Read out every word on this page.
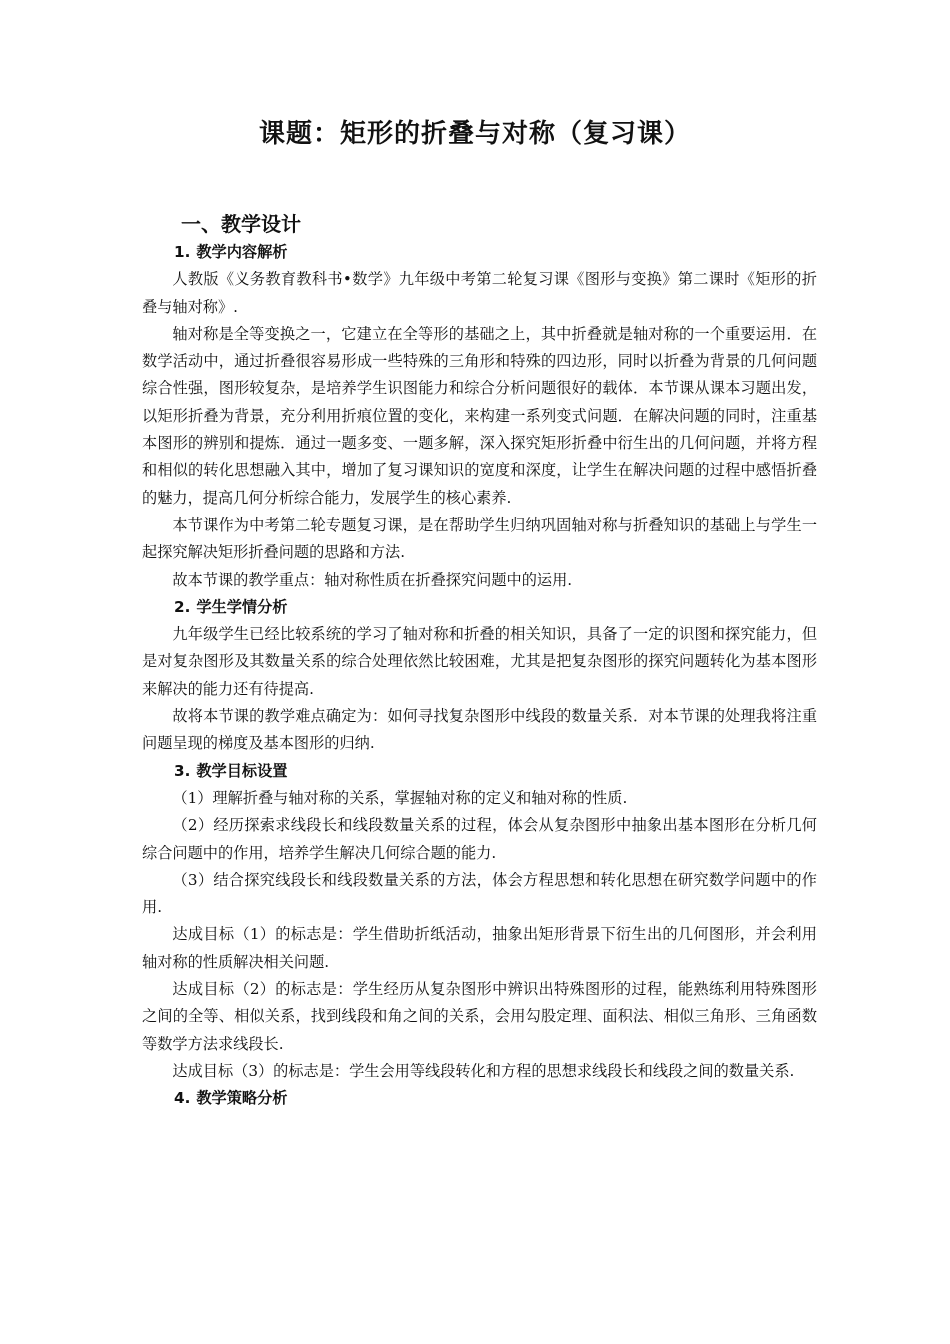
课题：矩形的折叠与对称（复习课）
一、教学设计
1. 教学内容解析

人教版《义务教育教科书•数学》九年级中考第二轮复习课《图形与变换》第二课时《矩形的折叠与轴对称》.

轴对称是全等变换之一，它建立在全等形的基础之上，其中折叠就是轴对称的一个重要运用．在数学活动中，通过折叠很容易形成一些特殊的三角形和特殊的四边形，同时以折叠为背景的几何问题综合性强，图形较复杂，是培养学生识图能力和综合分析问题很好的载体．本节课从课本习题出发，以矩形折叠为背景，充分利用折痕位置的变化，来构建一系列变式问题．在解决问题的同时，注重基本图形的辨别和提炼．通过一题多变、一题多解，深入探究矩形折叠中衍生出的几何问题，并将方程和相似的转化思想融入其中，增加了复习课知识的宽度和深度，让学生在解决问题的过程中感悟折叠的魅力，提高几何分析综合能力，发展学生的核心素养.

本节课作为中考第二轮专题复习课，是在帮助学生归纳巩固轴对称与折叠知识的基础上与学生一起探究解决矩形折叠问题的思路和方法.

故本节课的教学重点：轴对称性质在折叠探究问题中的运用.

2. 学生学情分析

九年级学生已经比较系统的学习了轴对称和折叠的相关知识，具备了一定的识图和探究能力，但是对复杂图形及其数量关系的综合处理依然比较困难，尤其是把复杂图形的探究问题转化为基本图形来解决的能力还有待提高.

故将本节课的教学难点确定为：如何寻找复杂图形中线段的数量关系．对本节课的处理我将注重问题呈现的梯度及基本图形的归纳.

3. 教学目标设置

（1）理解折叠与轴对称的关系，掌握轴对称的定义和轴对称的性质.

（2）经历探索求线段长和线段数量关系的过程，体会从复杂图形中抽象出基本图形在分析几何综合问题中的作用，培养学生解决几何综合题的能力.

（3）结合探究线段长和线段数量关系的方法，体会方程思想和转化思想在研究数学问题中的作用.

达成目标（1）的标志是：学生借助折纸活动，抽象出矩形背景下衍生出的几何图形，并会利用轴对称的性质解决相关问题.

达成目标（2）的标志是：学生经历从复杂图形中辨识出特殊图形的过程，能熟练利用特殊图形之间的全等、相似关系，找到线段和角之间的关系，会用勾股定理、面积法、相似三角形、三角函数等数学方法求线段长.

达成目标（3）的标志是：学生会用等线段转化和方程的思想求线段长和线段之间的数量关系.

4. 教学策略分析
